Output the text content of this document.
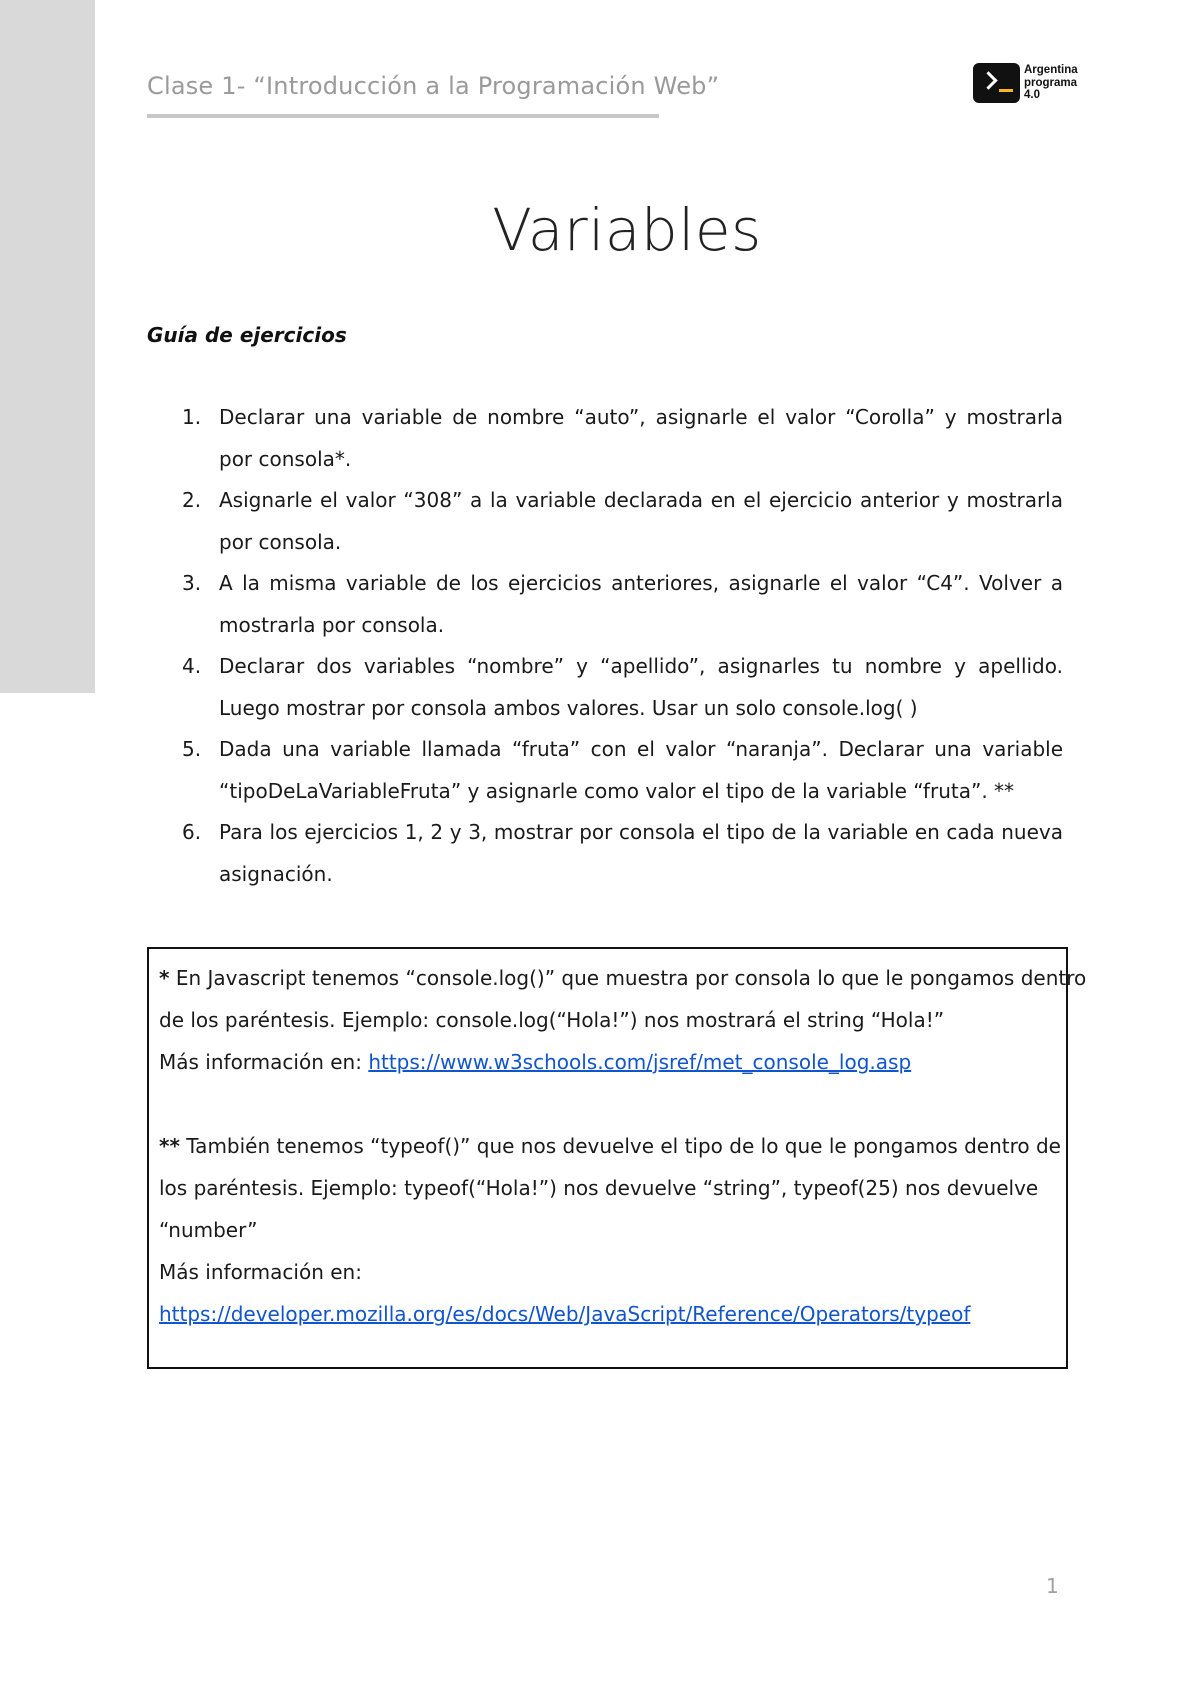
Clase 1- “Introducción a la Programación Web”
Argentina
programa
4.0
Variables
Guía de ejercicios
1. Declarar una variable de nombre “auto”, asignarle el valor “Corolla” y mostrarla por consola*.
2. Asignarle el valor “308” a la variable declarada en el ejercicio anterior y mostrarla por consola.
3. A la misma variable de los ejercicios anteriores, asignarle el valor “C4”. Volver a mostrarla por consola.
4. Declarar dos variables “nombre” y “apellido”, asignarles tu nombre y apellido. Luego mostrar por consola ambos valores. Usar un solo console.log( )
5. Dada una variable llamada “fruta” con el valor “naranja”. Declarar una variable “tipoDeLaVariableFruta” y asignarle como valor el tipo de la variable “fruta”. **
6. Para los ejercicios 1, 2 y 3, mostrar por consola el tipo de la variable en cada nueva asignación.
* En Javascript tenemos “console.log()” que muestra por consola lo que le pongamos dentro
de los paréntesis. Ejemplo: console.log(“Hola!”) nos mostrará el string “Hola!”
Más información en: https://www.w3schools.com/jsref/met_console_log.asp
** También tenemos “typeof()” que nos devuelve el tipo de lo que le pongamos dentro de
los paréntesis. Ejemplo: typeof(“Hola!”) nos devuelve “string”, typeof(25) nos devuelve
“number”
Más información en:
https://developer.mozilla.org/es/docs/Web/JavaScript/Reference/Operators/typeof
1
